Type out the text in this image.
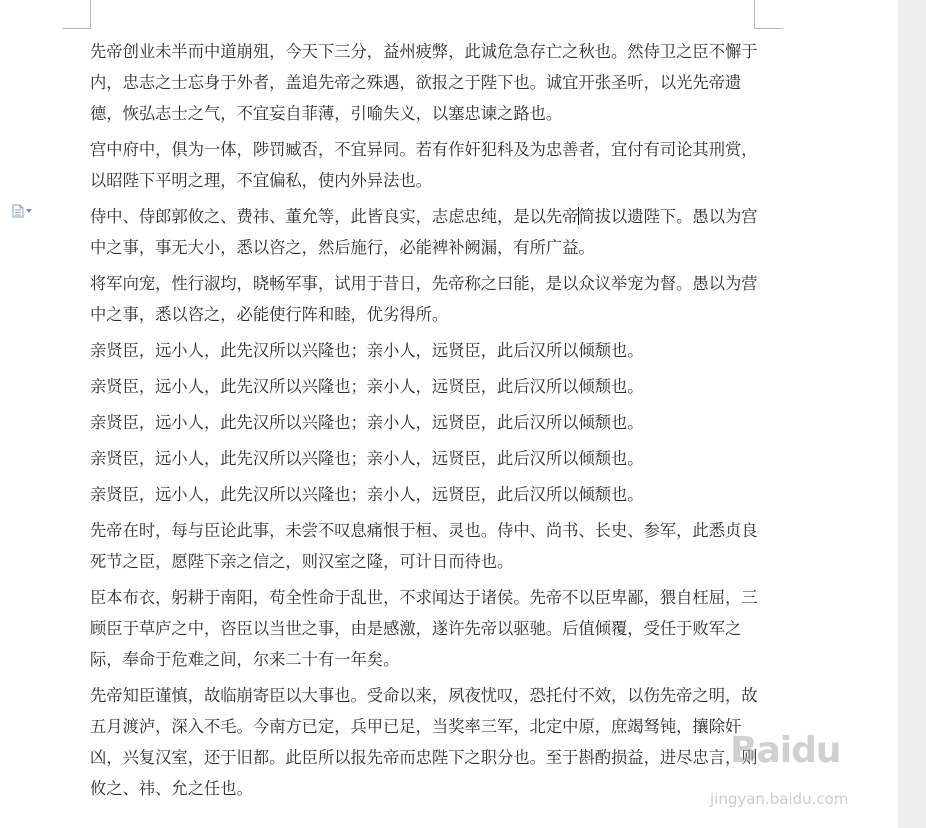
先帝创业未半而中道崩殂，今天下三分，益州疲弊，此诚危急存亡之秋也。然侍卫之臣不懈于内，忠志之士忘身于外者，盖追先帝之殊遇，欲报之于陛下也。诚宜开张圣听，以光先帝遗德，恢弘志士之气，不宜妄自菲薄，引喻失义，以塞忠谏之路也。

宫中府中，俱为一体，陟罚臧否，不宜异同。若有作奸犯科及为忠善者，宜付有司论其刑赏，以昭陛下平明之理，不宜偏私，使内外异法也。

侍中、侍郎郭攸之、费祎、董允等，此皆良实，志虑忠纯，是以先帝简拔以遗陛下。愚以为宫中之事，事无大小，悉以咨之，然后施行，必能裨补阙漏，有所广益。

将军向宠，性行淑均，晓畅军事，试用于昔日，先帝称之曰能，是以众议举宠为督。愚以为营中之事，悉以咨之，必能使行阵和睦，优劣得所。

亲贤臣，远小人，此先汉所以兴隆也；亲小人，远贤臣，此后汉所以倾颓也。

亲贤臣，远小人，此先汉所以兴隆也；亲小人，远贤臣，此后汉所以倾颓也。

亲贤臣，远小人，此先汉所以兴隆也；亲小人，远贤臣，此后汉所以倾颓也。

亲贤臣，远小人，此先汉所以兴隆也；亲小人，远贤臣，此后汉所以倾颓也。

亲贤臣，远小人，此先汉所以兴隆也；亲小人，远贤臣，此后汉所以倾颓也。

先帝在时，每与臣论此事，未尝不叹息痛恨于桓、灵也。侍中、尚书、长史、参军，此悉贞良死节之臣，愿陛下亲之信之，则汉室之隆，可计日而待也。

臣本布衣，躬耕于南阳，苟全性命于乱世，不求闻达于诸侯。先帝不以臣卑鄙，猥自枉屈，三顾臣于草庐之中，咨臣以当世之事，由是感激，遂许先帝以驱驰。后值倾覆，受任于败军之际，奉命于危难之间，尔来二十有一年矣。

先帝知臣谨慎，故临崩寄臣以大事也。受命以来，夙夜忧叹，恐托付不效，以伤先帝之明，故五月渡泸，深入不毛。今南方已定，兵甲已足，当奖率三军，北定中原，庶竭驽钝，攘除奸凶，兴复汉室，还于旧都。此臣所以报先帝而忠陛下之职分也。至于斟酌损益，进尽忠言，则攸之、祎、允之任也。

Baidu
jingyan.baidu.com
